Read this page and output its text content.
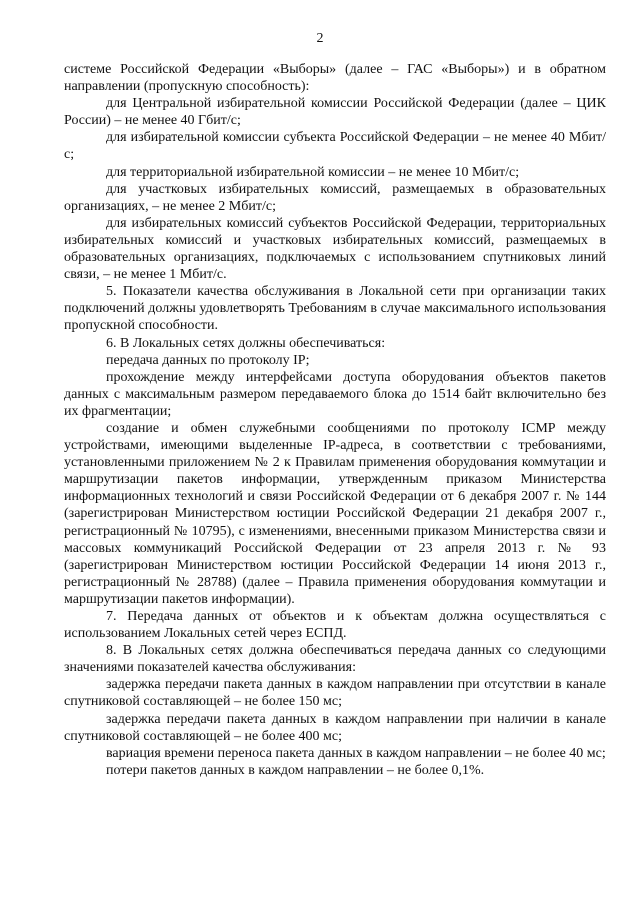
2

системе Российской Федерации «Выборы» (далее – ГАС «Выборы») и в обратном направлении (пропускную способность):

для Центральной избирательной комиссии Российской Федерации (далее – ЦИК России) – не менее 40 Гбит/с;

для избирательной комиссии субъекта Российской Федерации – не менее 40 Мбит/с;

для территориальной избирательной комиссии – не менее 10 Мбит/с;

для участковых избирательных комиссий, размещаемых в образовательных организациях, – не менее 2 Мбит/с;

для избирательных комиссий субъектов Российской Федерации, территориальных избирательных комиссий и участковых избирательных комиссий, размещаемых в образовательных организациях, подключаемых с использованием спутниковых линий связи, – не менее 1 Мбит/с.

5. Показатели качества обслуживания в Локальной сети при организации таких подключений должны удовлетворять Требованиям в случае максимального использования пропускной способности.

6. В Локальных сетях должны обеспечиваться:

передача данных по протоколу IP;

прохождение между интерфейсами доступа оборудования объектов пакетов данных с максимальным размером передаваемого блока до 1514 байт включительно без их фрагментации;

создание и обмен служебными сообщениями по протоколу ICMP между устройствами, имеющими выделенные IP-адреса, в соответствии с требованиями, установленными приложением № 2 к Правилам применения оборудования коммутации и маршрутизации пакетов информации, утвержденным приказом Министерства информационных технологий и связи Российской Федерации от 6 декабря 2007 г. № 144 (зарегистрирован Министерством юстиции Российской Федерации 21 декабря 2007 г., регистрационный № 10795), с изменениями, внесенными приказом Министерства связи и массовых коммуникаций Российской Федерации от 23 апреля 2013 г. № 93 (зарегистрирован Министерством юстиции Российской Федерации 14 июня 2013 г., регистрационный № 28788) (далее – Правила применения оборудования коммутации и маршрутизации пакетов информации).

7. Передача данных от объектов и к объектам должна осуществляться с использованием Локальных сетей через ЕСПД.

8. В Локальных сетях должна обеспечиваться передача данных со следующими значениями показателей качества обслуживания:

задержка передачи пакета данных в каждом направлении при отсутствии в канале спутниковой составляющей – не более 150 мс;

задержка передачи пакета данных в каждом направлении при наличии в канале спутниковой составляющей – не более 400 мс;

вариация времени переноса пакета данных в каждом направлении – не более 40 мс;

потери пакетов данных в каждом направлении – не более 0,1%.
